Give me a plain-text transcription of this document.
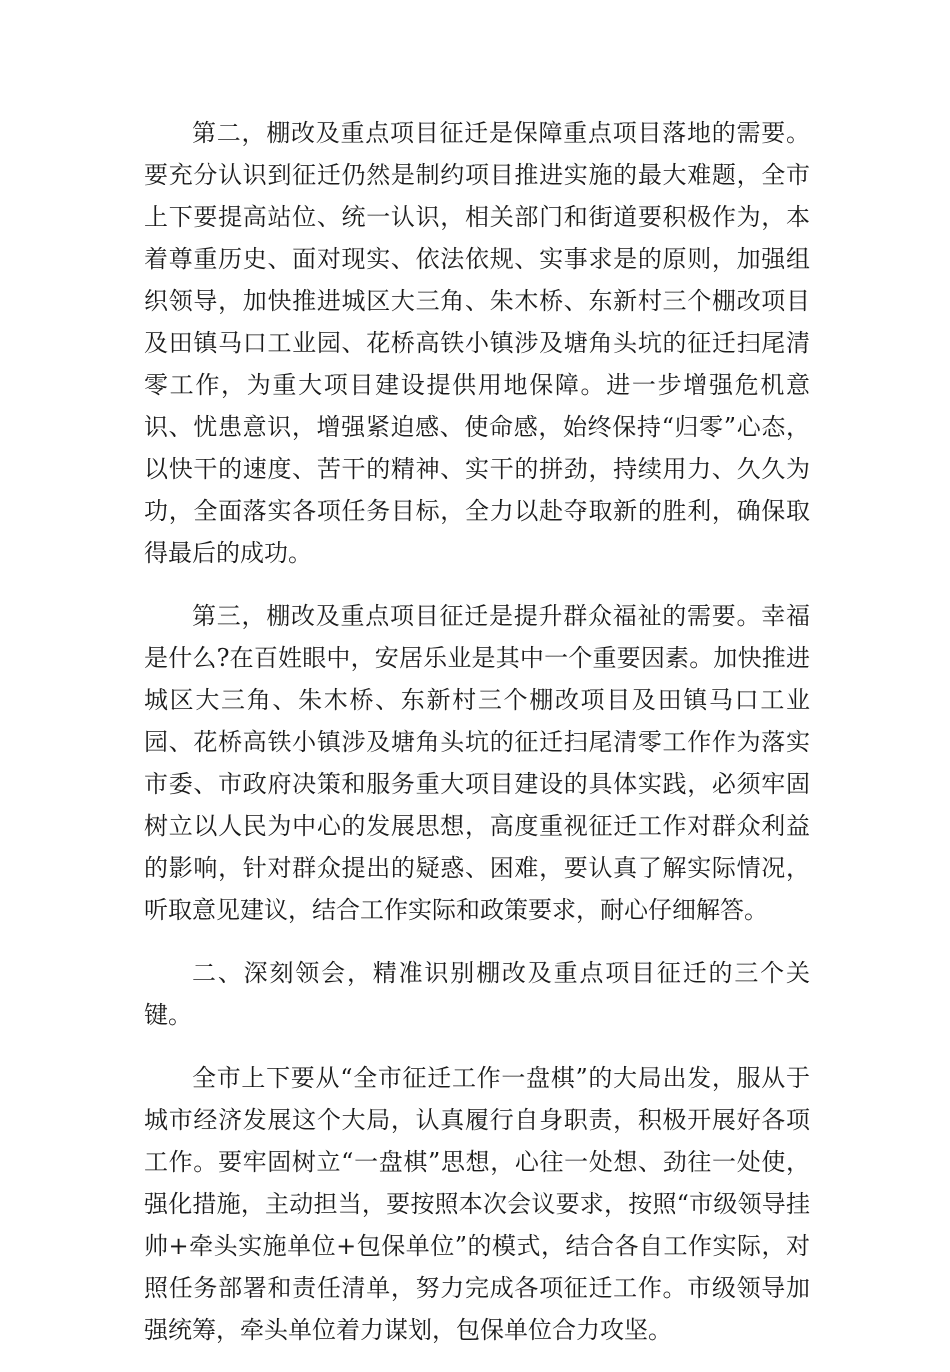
第二，棚改及重点项目征迁是保障重点项目落地的需要。要充分认识到征迁仍然是制约项目推进实施的最大难题，全市上下要提高站位、统一认识，相关部门和街道要积极作为，本着尊重历史、面对现实、依法依规、实事求是的原则，加强组织领导，加快推进城区大三角、朱木桥、东新村三个棚改项目及田镇马口工业园、花桥高铁小镇涉及塘角头坑的征迁扫尾清零工作，为重大项目建设提供用地保障。进一步增强危机意识、忧患意识，增强紧迫感、使命感，始终保持“归零”心态，以快干的速度、苦干的精神、实干的拼劲，持续用力、久久为功，全面落实各项任务目标，全力以赴夺取新的胜利，确保取得最后的成功。

第三，棚改及重点项目征迁是提升群众福祉的需要。幸福是什么?在百姓眼中，安居乐业是其中一个重要因素。加快推进城区大三角、朱木桥、东新村三个棚改项目及田镇马口工业园、花桥高铁小镇涉及塘角头坑的征迁扫尾清零工作作为落实市委、市政府决策和服务重大项目建设的具体实践，必须牢固树立以人民为中心的发展思想，高度重视征迁工作对群众利益的影响，针对群众提出的疑惑、困难，要认真了解实际情况，听取意见建议，结合工作实际和政策要求，耐心仔细解答。

二、深刻领会，精准识别棚改及重点项目征迁的三个关键。

全市上下要从“全市征迁工作一盘棋”的大局出发，服从于城市经济发展这个大局，认真履行自身职责，积极开展好各项工作。要牢固树立“一盘棋”思想，心往一处想、劲往一处使，强化措施，主动担当，要按照本次会议要求，按照“市级领导挂帅+牵头实施单位+包保单位”的模式，结合各自工作实际，对照任务部署和责任清单，努力完成各项征迁工作。市级领导加强统筹，牵头单位着力谋划，包保单位合力攻坚。
